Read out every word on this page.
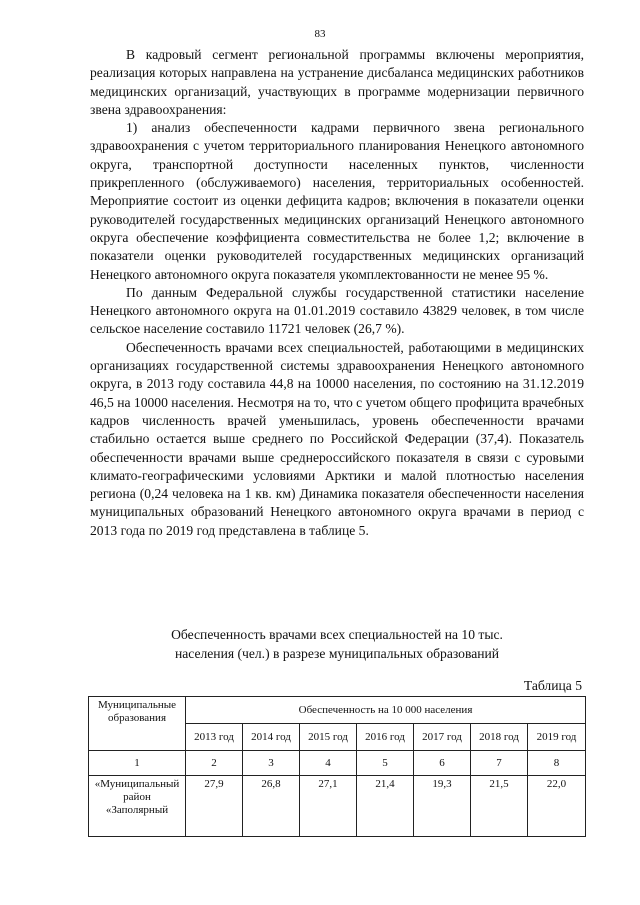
83

В кадровый сегмент региональной программы включены мероприятия, реализация которых направлена на устранение дисбаланса медицинских работников медицинских организаций, участвующих в программе модернизации первичного звена здравоохранения:

1) анализ обеспеченности кадрами первичного звена регионального здравоохранения с учетом территориального планирования Ненецкого автономного округа, транспортной доступности населенных пунктов, численности прикрепленного (обслуживаемого) населения, территориальных особенностей. Мероприятие состоит из оценки дефицита кадров; включения в показатели оценки руководителей государственных медицинских организаций Ненецкого автономного округа обеспечение коэффициента совместительства не более 1,2; включение в показатели оценки руководителей государственных медицинских организаций Ненецкого автономного округа показателя укомплектованности не менее 95 %.

По данным Федеральной службы государственной статистики население Ненецкого автономного округа на 01.01.2019 составило 43829 человек, в том числе сельское население составило 11721 человек (26,7 %).

Обеспеченность врачами всех специальностей, работающими в медицинских организациях государственной системы здравоохранения Ненецкого автономного округа, в 2013 году составила 44,8 на 10000 населения, по состоянию на 31.12.2019 46,5 на 10000 населения. Несмотря на то, что с учетом общего профицита врачебных кадров численность врачей уменьшилась, уровень обеспеченности врачами стабильно остается выше среднего по Российской Федерации (37,4). Показатель обеспеченности врачами выше среднероссийского показателя в связи с суровыми климато-географическими условиями Арктики и малой плотностью населения региона (0,24 человека на 1 кв. км) Динамика показателя обеспеченности населения муниципальных образований Ненецкого автономного округа врачами в период с 2013 года по 2019 год представлена в таблице 5.

Обеспеченность врачами всех специальностей на 10 тыс.
населения (чел.) в разрезе муниципальных образований
Таблица 5
Муниципальные образования	Обеспеченность на 10 000 населения						
	2013 год	2014 год	2015 год	2016 год	2017 год	2018 год	2019 год
1	2	3	4	5	6	7	8
«Муниципальный район «Заполярный	27,9	26,8	27,1	21,4	19,3	21,5	22,0
